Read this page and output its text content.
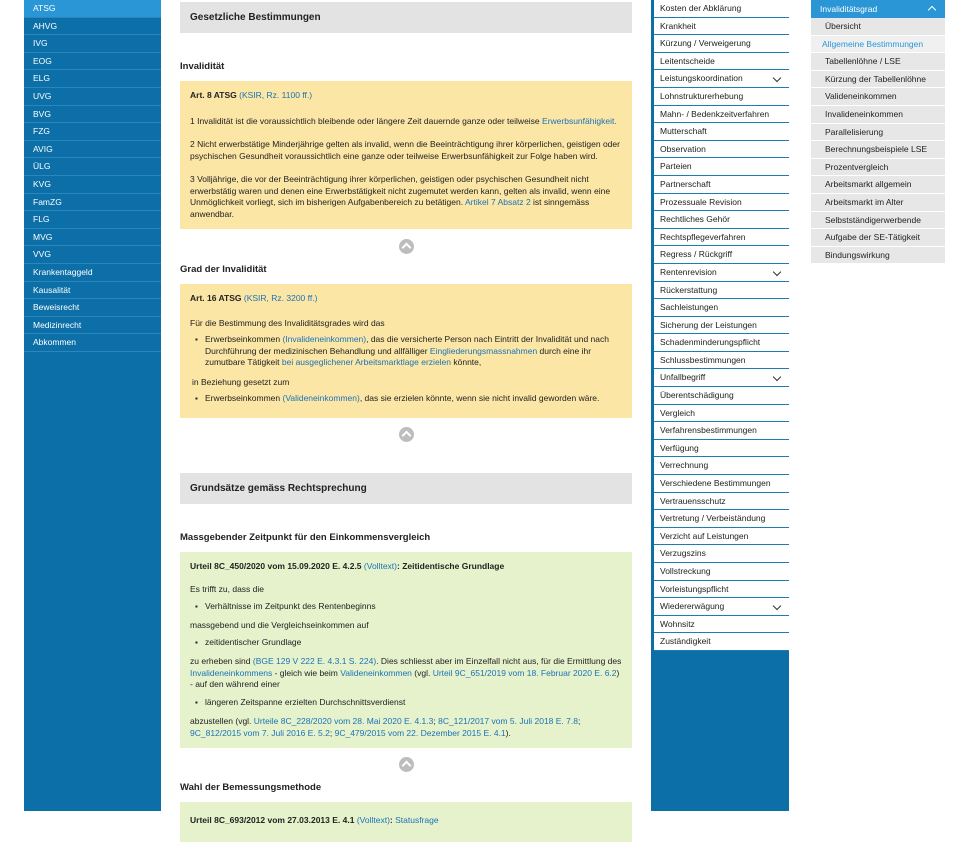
ATSG
AHVG
IVG
EOG
ELG
UVG
BVG
FZG
AVIG
ÜLG
KVG
FamZG
FLG
MVG
VVG
Krankentaggeld
Kausalität
Beweisrecht
Medizinrecht
Abkommen
Gesetzliche Bestimmungen
Invalidität
Art. 8 ATSG (KSIR, Rz. 1100 ff.)
1 Invalidität ist die voraussichtlich bleibende oder längere Zeit dauernde ganze oder teilweise Erwerbsunfähigkeit.
2 Nicht erwerbstätige Minderjährige gelten als invalid, wenn die Beeinträchtigung ihrer körperlichen, geistigen oder psychischen Gesundheit voraussichtlich eine ganze oder teilweise Erwerbsunfähigkeit zur Folge haben wird.
3 Volljährige, die vor der Beeinträchtigung ihrer körperlichen, geistigen oder psychischen Gesundheit nicht erwerbstätig waren und denen eine Erwerbstätigkeit nicht zugemutet werden kann, gelten als invalid, wenn eine Unmöglichkeit vorliegt, sich im bisherigen Aufgabenbereich zu betätigen. Artikel 7 Absatz 2 ist sinngemäss anwendbar.
Grad der Invalidität
Art. 16 ATSG (KSIR, Rz. 3200 ff.)
Für die Bestimmung des Invaliditätsgrades wird das
▪ Erwerbseinkommen (Invalideneinkommen), das die versicherte Person nach Eintritt der Invalidität und nach Durchführung der medizinischen Behandlung und allfälliger Eingliederungsmassnahmen durch eine ihr zumutbare Tätigkeit bei ausgeglichener Arbeitsmarktlage erzielen könnte,
in Beziehung gesetzt zum
▪ Erwerbseinkommen (Valideneinkommen), das sie erzielen könnte, wenn sie nicht invalid geworden wäre.
Grundsätze gemäss Rechtsprechung
Massgebender Zeitpunkt für den Einkommensvergleich
Urteil 8C_450/2020 vom 15.09.2020 E. 4.2.5 (Volltext): Zeitidentische Grundlage
Es trifft zu, dass die
▪ Verhältnisse im Zeitpunkt des Rentenbeginns
massgebend und die Vergleichseinkommen auf
▪ zeitidentischer Grundlage
zu erheben sind (BGE 129 V 222 E. 4.3.1 S. 224). Dies schliesst aber im Einzelfall nicht aus, für die Ermittlung des Invalideneinkommens - gleich wie beim Valideneinkommen (vgl. Urteil 9C_651/2019 vom 18. Februar 2020 E. 6.2) - auf den während einer
▪ längeren Zeitspanne erzielten Durchschnittsverdienst
abzustellen (vgl. Urteile 8C_228/2020 vom 28. Mai 2020 E. 4.1.3; 8C_121/2017 vom 5. Juli 2018 E. 7.8; 9C_812/2015 vom 7. Juli 2016 E. 5.2; 9C_479/2015 vom 22. Dezember 2015 E. 4.1).
Wahl der Bemessungsmethode
Urteil 8C_693/2012 vom 27.03.2013 E. 4.1 (Volltext): Statusfrage
Kosten der Abklärung
Krankheit
Kürzung / Verweigerung
Leitentscheide
Leistungskoordination
Lohnstrukturerhebung
Mahn- / Bedenkzeitverfahren
Mutterschaft
Observation
Parteien
Partnerschaft
Prozessuale Revision
Rechtliches Gehör
Rechtspflegeverfahren
Regress / Rückgriff
Rentenrevision
Rückerstattung
Sachleistungen
Sicherung der Leistungen
Schadenminderungspflicht
Schlussbestimmungen
Unfallbegriff
Überentschädigung
Vergleich
Verfahrensbestimmungen
Verfügung
Verrechnung
Verschiedene Bestimmungen
Vertrauensschutz
Vertretung / Verbeiständung
Verzicht auf Leistungen
Verzugszins
Vollstreckung
Vorleistungspflicht
Wiedererwägung
Wohnsitz
Zuständigkeit
Invaliditätsgrad
Übersicht
Allgemeine Bestimmungen
Tabellenlöhne / LSE
Kürzung der Tabellenlöhne
Valideneinkommen
Invalideneinkommen
Parallelisierung
Berechnungsbeispiele LSE
Prozentvergleich
Arbeitsmarkt allgemein
Arbeitsmarkt im Alter
Selbstständigerwerbende
Aufgabe der SE-Tätigkeit
Bindungswirkung
